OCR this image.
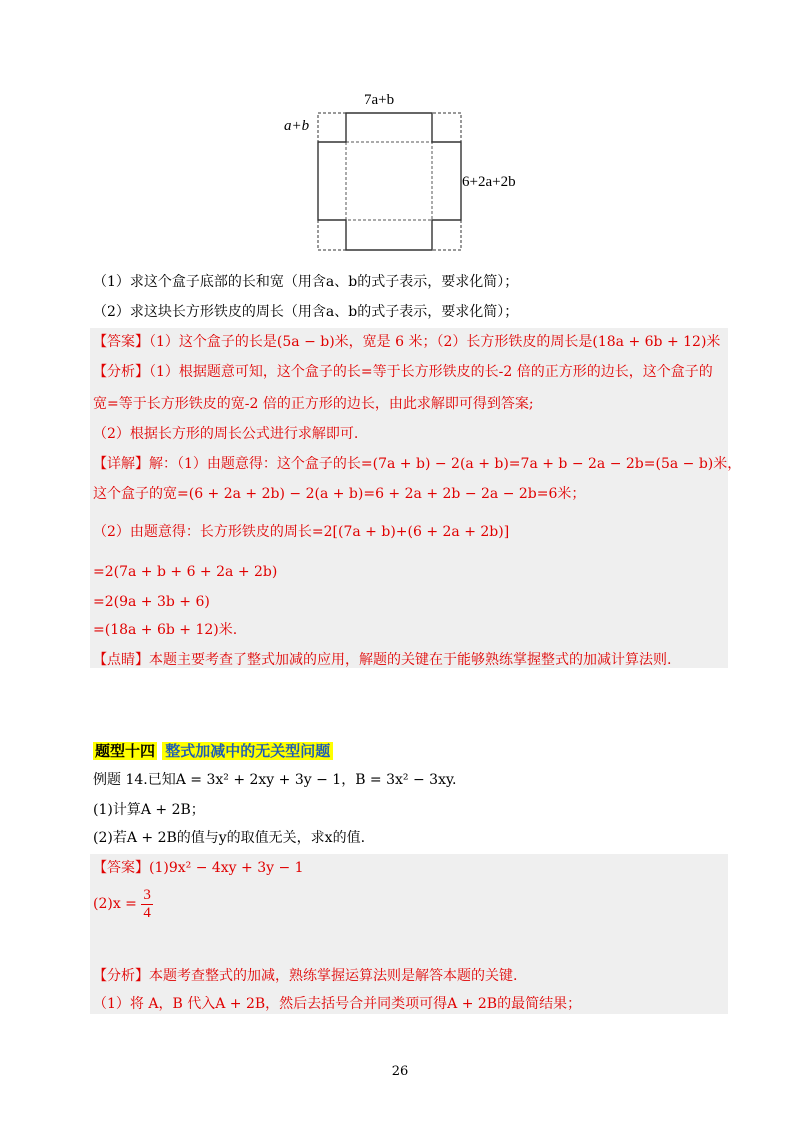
7a+b
a+b
6+2a+2b
（1）求这个盒子底部的长和宽（用含a、b的式子表示，要求化简）；
（2）求这块长方形铁皮的周长（用含a、b的式子表示，要求化简）；
【答案】（1）这个盒子的长是(5a − b)米，宽是 6 米；（2）长方形铁皮的周长是(18a + 6b + 12)米
【分析】（1）根据题意可知，这个盒子的长=等于长方形铁皮的长-2 倍的正方形的边长，这个盒子的
宽=等于长方形铁皮的宽-2 倍的正方形的边长，由此求解即可得到答案;
（2）根据长方形的周长公式进行求解即可.
【详解】解：（1）由题意得：这个盒子的长=(7a + b) − 2(a + b)=7a + b − 2a − 2b=(5a − b)米，
这个盒子的宽=(6 + 2a + 2b) − 2(a + b)=6 + 2a + 2b − 2a − 2b=6米；
（2）由题意得：长方形铁皮的周长=2[(7a + b)+(6 + 2a + 2b)]
=2(7a + b + 6 + 2a + 2b)
=2(9a + 3b + 6)
=(18a + 6b + 12)米.
【点睛】本题主要考查了整式加减的应用，解题的关键在于能够熟练掌握整式的加减计算法则.
题型十四 整式加减中的无关型问题
例题 14.已知A = 3x² + 2xy + 3y − 1，B = 3x² − 3xy.
(1)计算A + 2B；
(2)若A + 2B的值与y的取值无关，求x的值.
【答案】(1)9x² − 4xy + 3y − 1
$(2)x = \frac{3}{4}$
【分析】本题考查整式的加减，熟练掌握运算法则是解答本题的关键.
（1）将 A，B 代入A + 2B，然后去括号合并同类项可得A + 2B的最简结果；
26
